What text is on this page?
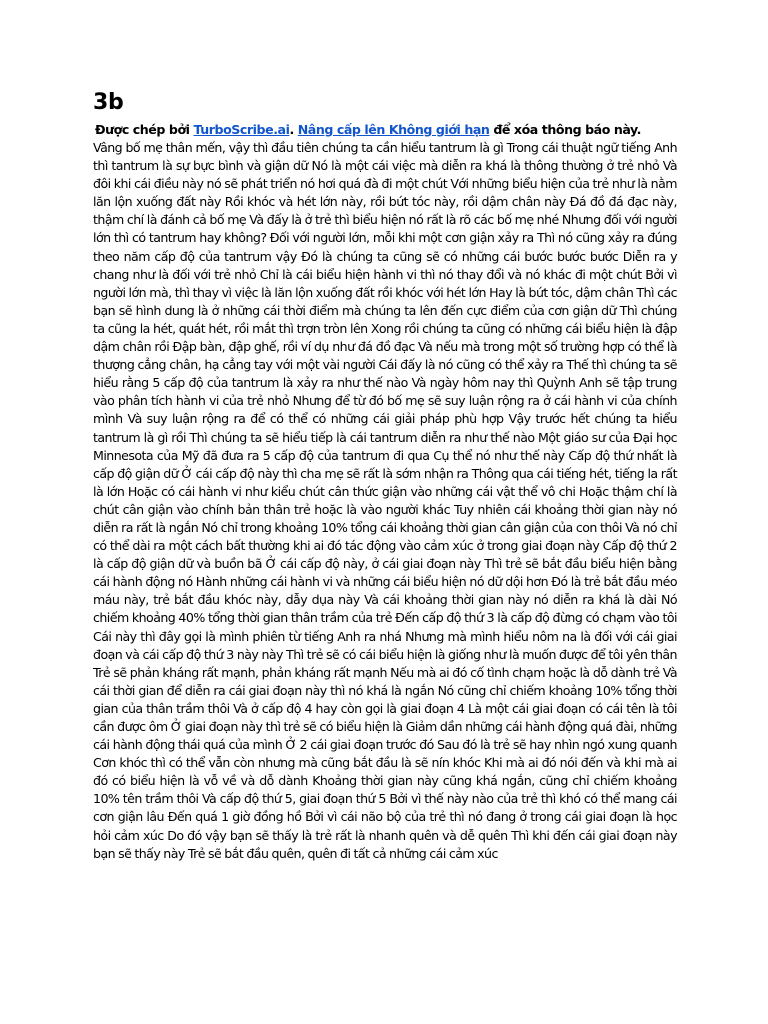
3b
Được chép bởi TurboScribe.ai. Nâng cấp lên Không giới hạn để xóa thông báo này.

Vâng bố mẹ thân mến, vậy thì đầu tiên chúng ta cần hiểu tantrum là gì Trong cái thuật ngữ tiếng Anh thì tantrum là sự bực bình và giận dữ Nó là một cái việc mà diễn ra khá là thông thường ở trẻ nhỏ Và đôi khi cái điều này nó sẽ phát triển nó hơi quá đà đi một chút Với những biểu hiện của trẻ như là nằm lăn lộn xuống đất này Rồi khóc và hét lớn này, rồi bứt tóc này, rồi dậm chân này Đá đồ đá đạc này, thậm chí là đánh cả bố mẹ Và đấy là ở trẻ thì biểu hiện nó rất là rõ các bố mẹ nhé Nhưng đối với người lớn thì có tantrum hay không? Đối với người lớn, mỗi khi một cơn giận xảy ra Thì nó cũng xảy ra đúng theo năm cấp độ của tantrum vậy Đó là chúng ta cũng sẽ có những cái bước bước bước Diễn ra y chang như là đối với trẻ nhỏ Chỉ là cái biểu hiện hành vi thì nó thay đổi và nó khác đi một chút Bởi vì người lớn mà, thì thay vì việc là lăn lộn xuống đất rồi khóc với hét lớn Hay là bứt tóc, dậm chân Thì các bạn sẽ hình dung là ở những cái thời điểm mà chúng ta lên đến cực điểm của cơn giận dữ Thì chúng ta cũng la hét, quát hét, rồi mắt thì trợn tròn lên Xong rồi chúng ta cũng có những cái biểu hiện là đập dậm chân rồi Đập bàn, đập ghế, rồi ví dụ như đá đồ đạc Và nếu mà trong một số trường hợp có thể là thượng cẳng chân, hạ cẳng tay với một vài người Cái đấy là nó cũng có thể xảy ra Thế thì chúng ta sẽ hiểu rằng 5 cấp độ của tantrum là xảy ra như thế nào Và ngày hôm nay thì Quỳnh Anh sẽ tập trung vào phân tích hành vi của trẻ nhỏ Nhưng để từ đó bố mẹ sẽ suy luận rộng ra ở cái hành vi của chính mình Và suy luận rộng ra để có thể có những cái giải pháp phù hợp Vậy trước hết chúng ta hiểu tantrum là gì rồi Thì chúng ta sẽ hiểu tiếp là cái tantrum diễn ra như thế nào Một giáo sư của Đại học Minnesota của Mỹ đã đưa ra 5 cấp độ của tantrum đi qua Cụ thể nó như thế này Cấp độ thứ nhất là cấp độ giận dữ Ở cái cấp độ này thì cha mẹ sẽ rất là sớm nhận ra Thông qua cái tiếng hét, tiếng la rất là lớn Hoặc có cái hành vi như kiểu chút cân thức giận vào những cái vật thể vô chi Hoặc thậm chí là chút cân giận vào chính bản thân trẻ hoặc là vào người khác Tuy nhiên cái khoảng thời gian này nó diễn ra rất là ngắn Nó chỉ trong khoảng 10% tổng cái khoảng thời gian cân giận của con thôi Và nó chỉ có thể dài ra một cách bất thường khi ai đó tác động vào cảm xúc ở trong giai đoạn này Cấp độ thứ 2 là cấp độ giận dữ và buồn bã Ở cái cấp độ này, ở cái giai đoạn này Thì trẻ sẽ bắt đầu biểu hiện bằng cái hành động nó Hành những cái hành vi và những cái biểu hiện nó dữ dội hơn Đó là trẻ bắt đầu méo máu này, trẻ bắt đầu khóc này, dẫy dụa này Và cái khoảng thời gian này nó diễn ra khá là dài Nó chiếm khoảng 40% tổng thời gian thân trầm của trẻ Đến cấp độ thứ 3 là cấp độ đừng có chạm vào tôi Cái này thì đây gọi là mình phiên từ tiếng Anh ra nhá Nhưng mà mình hiểu nôm na là đối với cái giai đoạn và cái cấp độ thứ 3 này này Thì trẻ sẽ có cái biểu hiện là giống như là muốn được để tôi yên thân Trẻ sẽ phản kháng rất mạnh, phản kháng rất mạnh Nếu mà ai đó cố tình chạm hoặc là dỗ dành trẻ Và cái thời gian để diễn ra cái giai đoạn này thì nó khá là ngắn Nó cũng chỉ chiếm khoảng 10% tổng thời gian của thân trầm thôi Và ở cấp độ 4 hay còn gọi là giai đoạn 4 Là một cái giai đoạn có cái tên là tôi cần được ôm Ở giai đoạn này thì trẻ sẽ có biểu hiện là Giảm dần những cái hành động quá đài, những cái hành động thái quá của mình Ở 2 cái giai đoạn trước đó Sau đó là trẻ sẽ hay nhìn ngó xung quanh Cơn khóc thì có thể vẫn còn nhưng mà cũng bắt đầu là sẽ nín khóc Khi mà ai đó nói đến và khi mà ai đó có biểu hiện là vỗ về và dỗ dành Khoảng thời gian này cũng khá ngắn, cũng chỉ chiếm khoảng 10% tên trầm thôi Và cấp độ thứ 5, giai đoạn thứ 5 Bởi vì thế này nào của trẻ thì khó có thể mang cái cơn giận lâu Đến quá 1 giờ đồng hồ Bởi vì cái não bộ của trẻ thì nó đang ở trong cái giai đoạn là học hỏi cảm xúc Do đó vậy bạn sẽ thấy là trẻ rất là nhanh quên và dễ quên Thì khi đến cái giai đoạn này bạn sẽ thấy này Trẻ sẽ bắt đầu quên, quên đi tất cả những cái cảm xúc
